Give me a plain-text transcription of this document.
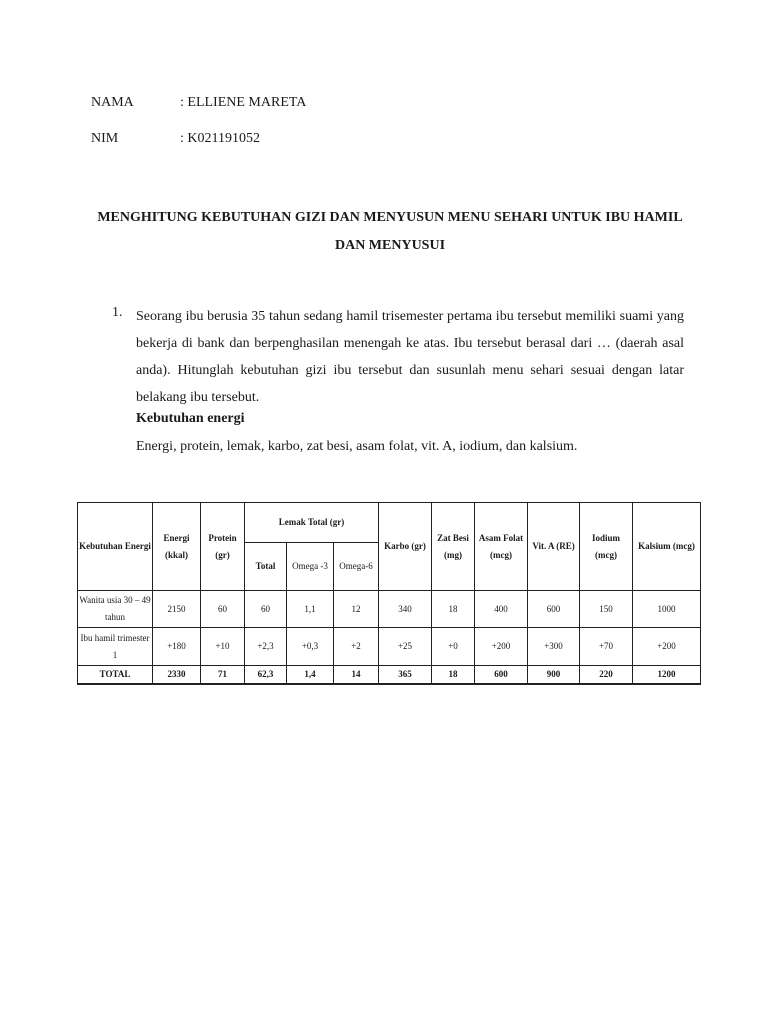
NAMA	: ELLIENE MARETA
NIM	: K021191052
MENGHITUNG KEBUTUHAN GIZI DAN MENYUSUN MENU SEHARI UNTUK IBU HAMIL DAN MENYUSUI
1. Seorang ibu berusia 35 tahun sedang hamil trisemester pertama ibu tersebut memiliki suami yang bekerja di bank dan berpenghasilan menengah ke atas. Ibu tersebut berasal dari … (daerah asal anda). Hitunglah kebutuhan gizi ibu tersebut dan susunlah menu sehari sesuai dengan latar belakang ibu tersebut.
Kebutuhan energi
Energi, protein, lemak, karbo, zat besi, asam folat, vit. A, iodium, dan kalsium.
Kebutuhan Energi	Energi (kkal)	Protein (gr)	Lemak Total (gr)			Karbo (gr)	Zat Besi (mg)	Asam Folat (mcg)	Vit. A (RE)	Iodium (mcg)	Kalsium (mcg)
			Total	Omega -3	Omega-6						
Wanita usia 30 – 49 tahun	2150	60	60	1,1	12	340	18	400	600	150	1000
Ibu hamil trimester 1	+180	+10	+2,3	+0,3	+2	+25	+0	+200	+300	+70	+200
TOTAL	2330	71	62,3	1,4	14	365	18	600	900	220	1200
